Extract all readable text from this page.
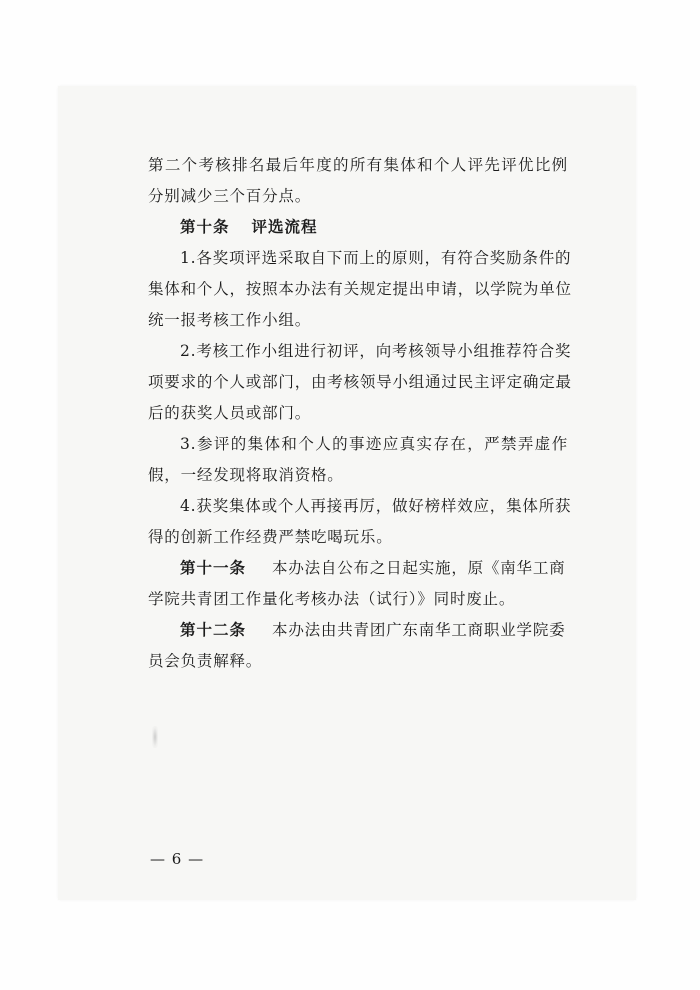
第二个考核排名最后年度的所有集体和个人评先评优比例
分别减少三个百分点。
第十条 评选流程
1.各奖项评选采取自下而上的原则，有符合奖励条件的
集体和个人，按照本办法有关规定提出申请，以学院为单位
统一报考核工作小组。
2.考核工作小组进行初评，向考核领导小组推荐符合奖
项要求的个人或部门，由考核领导小组通过民主评定确定最
后的获奖人员或部门。
3.参评的集体和个人的事迹应真实存在，严禁弄虚作
假，一经发现将取消资格。
4.获奖集体或个人再接再厉，做好榜样效应，集体所获
得的创新工作经费严禁吃喝玩乐。
第十一条 本办法自公布之日起实施，原《南华工商
学院共青团工作量化考核办法（试行）》同时废止。
第十二条 本办法由共青团广东南华工商职业学院委
员会负责解释。
— 6 —
